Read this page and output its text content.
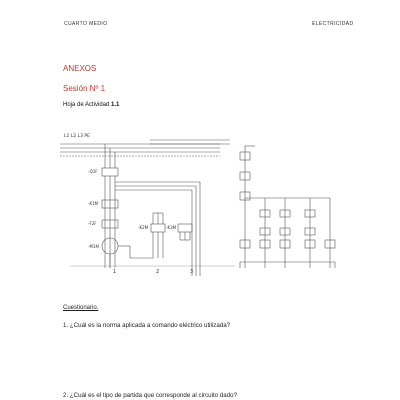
CUARTO MEDIO	ELECTRICIDAD
ANEXOS
Sesión Nº 1
Hoja de Actividad 1.1
L1 L2 L3 PE
-Q1F
-K1M
-F2F
-M1M
-K2M	-K3M
1	2	3
Cuestionario.
1. ¿Cuál es la norma aplicada a comando eléctrico utilizada?
2. ¿Cuál es el tipo de partida que corresponde al circuito dado?
